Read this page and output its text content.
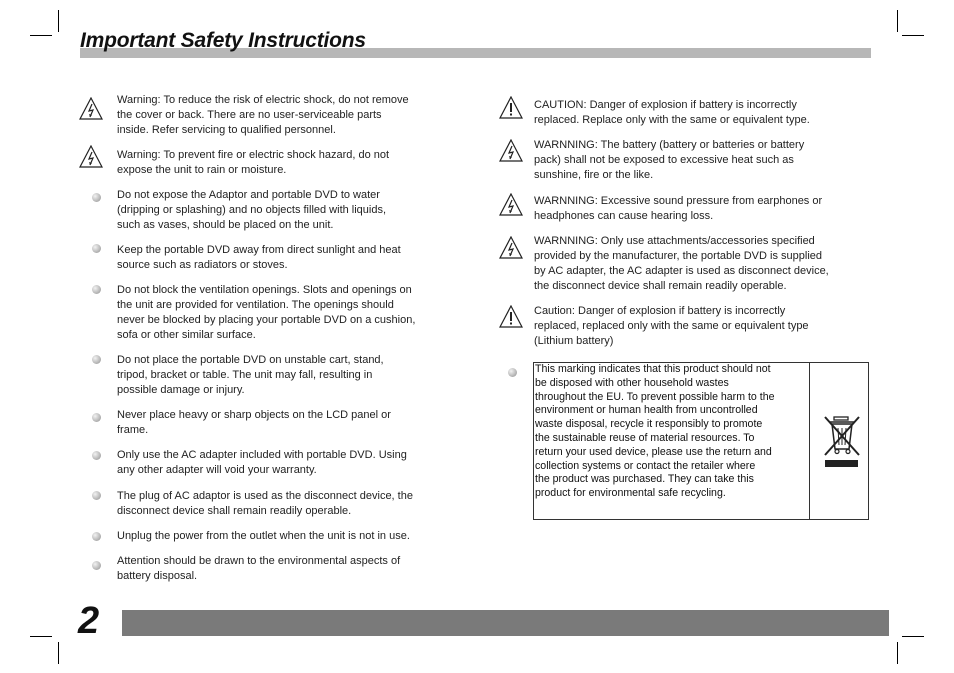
Important Safety Instructions

Warning: To reduce the risk of electric shock, do not remove
the cover or back. There are no user-serviceable parts
inside. Refer servicing to qualified personnel.

Warning: To prevent fire or electric shock hazard, do not
expose the unit to rain or moisture.

Do not expose the Adaptor and portable DVD to water
(dripping or splashing) and no objects filled with liquids,
such as vases, should be placed on the unit.

Keep the portable DVD away from direct sunlight and heat
source such as radiators or stoves.

Do not block the ventilation openings. Slots and openings on
the unit are provided for ventilation. The openings should
never be blocked by placing your portable DVD on a cushion,
sofa or other similar surface.

Do not place the portable DVD on unstable cart, stand,
tripod, bracket or table. The unit may fall, resulting in
possible damage or injury.

Never place heavy or sharp objects on the LCD panel or
frame.

Only use the AC adapter included with portable DVD. Using
any other adapter will void your warranty.

The plug of AC adaptor is used as the disconnect device, the
disconnect device shall remain readily operable.

Unplug the power from the outlet when the unit is not in use.

Attention should be drawn to the environmental aspects of
battery disposal.

CAUTION: Danger of explosion if battery is incorrectly
replaced. Replace only with the same or equivalent type.

WARNNING: The battery (battery or batteries or battery
pack) shall not be exposed to excessive heat such as
sunshine, fire or the like.

WARNNING: Excessive sound pressure from earphones or
headphones can cause hearing loss.

WARNNING: Only use attachments/accessories specified
provided by the manufacturer, the portable DVD is supplied
by AC adapter, the AC adapter is used as disconnect device,
the disconnect device shall remain readily operable.

Caution: Danger of explosion if battery is incorrectly
replaced, replaced only with the same or equivalent type
(Lithium battery)

This marking indicates that this product should not
be disposed with other household wastes
throughout the EU. To prevent possible harm to the
environment or human health from uncontrolled
waste disposal, recycle it responsibly to promote
the sustainable reuse of material resources. To
return your used device, please use the return and
collection systems or contact the retailer where
the product was purchased. They can take this
product for environmental safe recycling.

2
